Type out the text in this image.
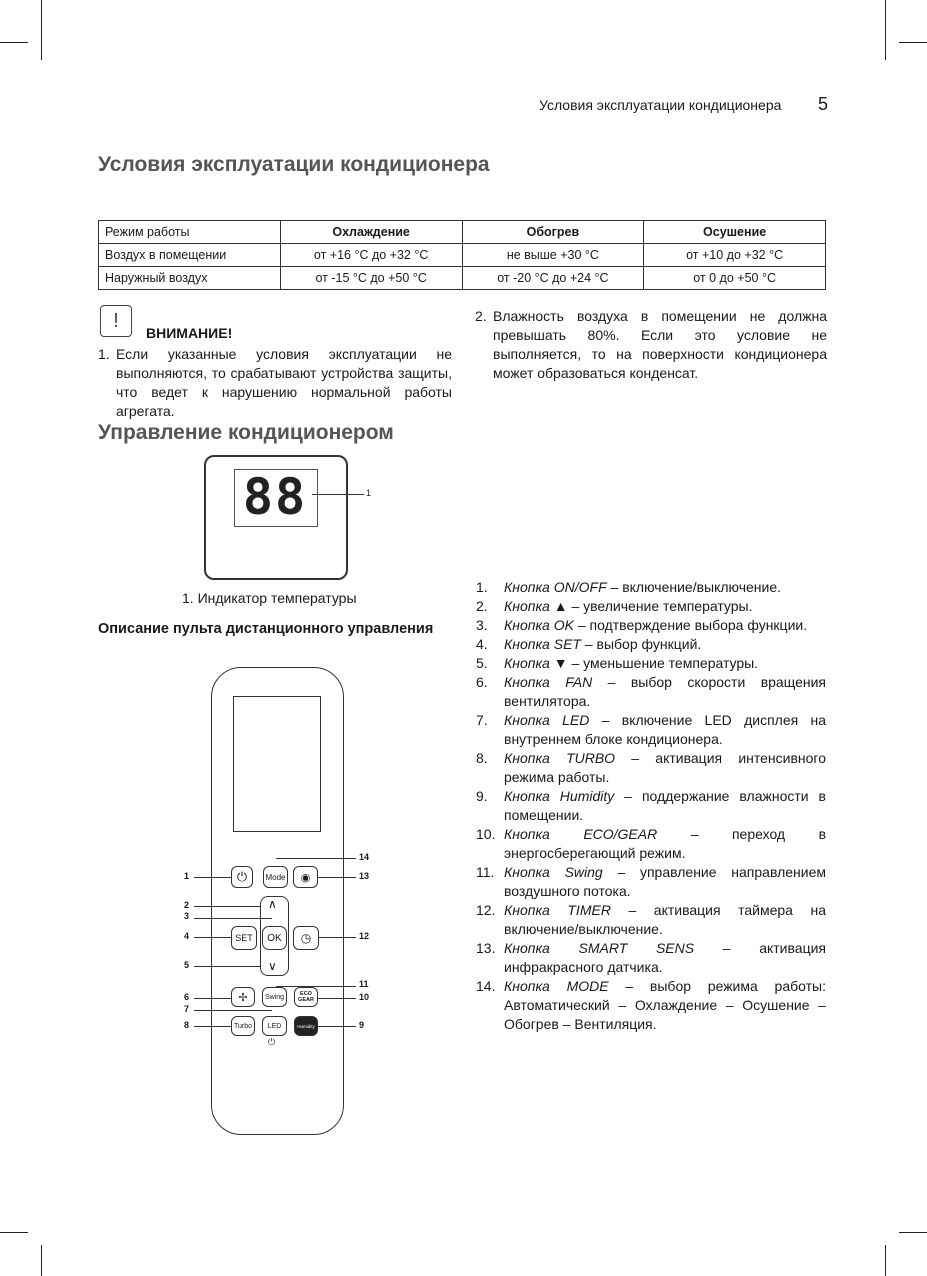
Условия эксплуатации кондиционера 5
Условия эксплуатации кондиционера
Режим работы	Охлаждение	Обогрев	Осушение
Воздух в помещении	от +16 °С до +32 °С	не выше +30 °С	от +10 до +32 °С
Наружный воздух	от -15 °С до +50 °С	от -20 °С до +24 °С	от 0 до +50 °С
!
ВНИМАНИЕ!
1. Если указанные условия эксплуатации не выполняются, то срабатывают устройства защиты, что ведет к нарушению нормальной работы агрегата.
2. Влажность воздуха в помещении не должна превышать 80%. Если это условие не выполняется, то на поверхности кондиционера может образоваться конденсат.
Управление кондиционером
88	1
1. Индикатор температуры
Описание пульта дистанционного управления
⏻	Mode	◉
∧
∨
SET	OK	◷
✢	Swing	ECO GEAR
Turbo	LED	Humidity
⏻
1
2
3
4
5
6
7
8
14
13
12
11
10
9
1. Кнопка ON/OFF – включение/выключение.
2. Кнопка ▲ – увеличение температуры.
3. Кнопка OK – подтверждение выбора функции.
4. Кнопка SET – выбор функций.
5. Кнопка ▼ – уменьшение температуры.
6. Кнопка FAN – выбор скорости вращения вентилятора.
7. Кнопка LED – включение LED дисплея на внутреннем блоке кондиционера.
8. Кнопка TURBO – активация интенсивного режима работы.
9. Кнопка Humidity – поддержание влажности в помещении.
10. Кнопка ECO/GEAR – переход в энергосберегающий режим.
11. Кнопка Swing – управление направлением воздушного потока.
12. Кнопка TIMER – активация таймера на включение/выключение.
13. Кнопка SMART SENS – активация инфракрасного датчика.
14. Кнопка MODE – выбор режима работы: Автоматический – Охлаждение – Осушение – Обогрев – Вентиляция.
